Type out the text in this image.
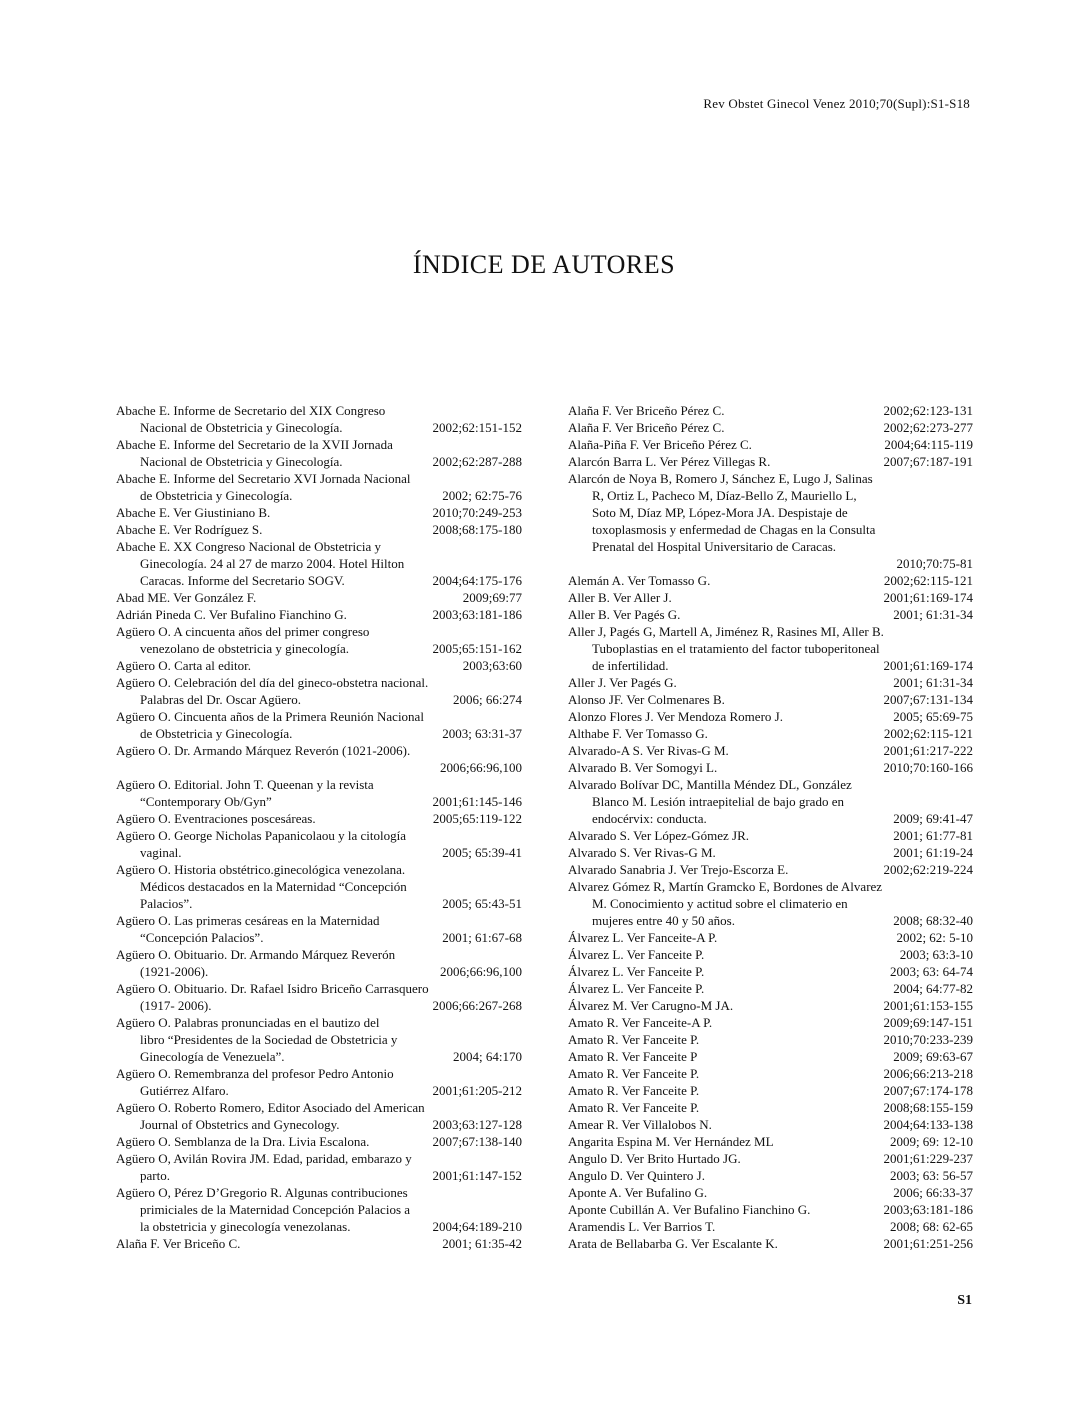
Rev Obstet Ginecol Venez 2010;70(Supl):S1-S18
ÍNDICE DE AUTORES
Abache E. Informe de Secretario del XIX Congreso
Nacional de Obstetricia y Ginecología.	2002;62:151-152
Abache E. Informe del Secretario de la XVII Jornada
Nacional de Obstetricia y Ginecología.	2002;62:287-288
Abache E. Informe del Secretario XVI Jornada Nacional
de Obstetricia y Ginecología.	2002; 62:75-76
Abache E. Ver Giustiniano B.	2010;70:249-253
Abache E. Ver Rodríguez S.	2008;68:175-180
Abache E. XX Congreso Nacional de Obstetricia y
Ginecología. 24 al 27 de marzo 2004. Hotel Hilton
Caracas. Informe del Secretario SOGV.	2004;64:175-176
Abad ME. Ver González F.	2009;69:77
Adrián Pineda C. Ver Bufalino Fianchino G.	2003;63:181-186
Agüero O. A cincuenta años del primer congreso
venezolano de obstetricia y ginecología.	2005;65:151-162
Agüero O. Carta al editor.	2003;63:60
Agüero O. Celebración del día del gineco-obstetra nacional.
Palabras del Dr. Oscar Agüero.	2006; 66:274
Agüero O. Cincuenta años de la Primera Reunión Nacional
de Obstetricia y Ginecología.	2003; 63:31-37
Agüero O. Dr. Armando Márquez Reverón (1021-2006).
2006;66:96,100
Agüero O. Editorial. John T. Queenan y la revista
“Contemporary Ob/Gyn”	2001;61:145-146
Agüero O. Eventraciones poscesáreas.	2005;65:119-122
Agüero O. George Nicholas Papanicolaou y la citología
vaginal.	2005; 65:39-41
Agüero O. Historia obstétrico.ginecológica venezolana.
Médicos destacados en la Maternidad “Concepción
Palacios”.	2005; 65:43-51
Agüero O. Las primeras cesáreas en la Maternidad
“Concepción Palacios”.	2001; 61:67-68
Agüero O. Obituario. Dr. Armando Márquez Reverón
(1921-2006).	2006;66:96,100
Agüero O. Obituario. Dr. Rafael Isidro Briceño Carrasquero
(1917- 2006).	2006;66:267-268
Agüero O. Palabras pronunciadas en el bautizo del
libro “Presidentes de la Sociedad de Obstetricia y
Ginecología de Venezuela”.	2004; 64:170
Agüero O. Remembranza del profesor Pedro Antonio
Gutiérrez Alfaro.	2001;61:205-212
Agüero O. Roberto Romero, Editor Asociado del American
Journal of Obstetrics and Gynecology.	2003;63:127-128
Agüero O. Semblanza de la Dra. Livia Escalona.	2007;67:138-140
Agüero O, Avilán Rovira JM. Edad, paridad, embarazo y
parto.	2001;61:147-152
Agüero O, Pérez D’Gregorio R. Algunas contribuciones
primiciales de la Maternidad Concepción Palacios a
la obstetricia y ginecología venezolanas.	2004;64:189-210
Alaña F. Ver Briceño C.	2001; 61:35-42
Alaña F. Ver Briceño Pérez C.	2002;62:123-131
Alaña F. Ver Briceño Pérez C.	2002;62:273-277
Alaña-Piña F. Ver Briceño Pérez C.	2004;64:115-119
Alarcón Barra L. Ver Pérez Villegas R.	2007;67:187-191
Alarcón de Noya B, Romero J, Sánchez E, Lugo J, Salinas
R, Ortiz L, Pacheco M, Díaz-Bello Z, Mauriello L,
Soto M, Díaz MP, López-Mora JA. Despistaje de
toxoplasmosis y enfermedad de Chagas en la Consulta
Prenatal del Hospital Universitario de Caracas.
2010;70:75-81
Alemán A. Ver Tomasso G.	2002;62:115-121
Aller B. Ver Aller J.	2001;61:169-174
Aller B. Ver Pagés G.	2001; 61:31-34
Aller J, Pagés G, Martell A, Jiménez R, Rasines MI, Aller B.
Tuboplastias en el tratamiento del factor tuboperitoneal
de infertilidad.	2001;61:169-174
Aller J. Ver Pagés G.	2001; 61:31-34
Alonso JF. Ver Colmenares B.	2007;67:131-134
Alonzo Flores J. Ver Mendoza Romero J.	2005; 65:69-75
Althabe F. Ver Tomasso G.	2002;62:115-121
Alvarado-A S. Ver Rivas-G M.	2001;61:217-222
Alvarado B. Ver Somogyi L.	2010;70:160-166
Alvarado Bolívar DC, Mantilla Méndez DL, González
Blanco M. Lesión intraepitelial de bajo grado en
endocérvix: conducta.	2009; 69:41-47
Alvarado S. Ver López-Gómez JR.	2001; 61:77-81
Alvarado S. Ver Rivas-G M.	2001; 61:19-24
Alvarado Sanabria J. Ver Trejo-Escorza E.	2002;62:219-224
Alvarez Gómez R, Martín Gramcko E, Bordones de Alvarez
M. Conocimiento y actitud sobre el climaterio en
mujeres entre 40 y 50 años.	2008; 68:32-40
Álvarez L. Ver Fanceite-A P.	2002; 62: 5-10
Álvarez L. Ver Fanceite P.	2003; 63:3-10
Álvarez L. Ver Fanceite P.	2003; 63: 64-74
Álvarez L. Ver Fanceite P.	2004; 64:77-82
Álvarez M. Ver Carugno-M JA.	2001;61:153-155
Amato R. Ver Fanceite-A P.	2009;69:147-151
Amato R. Ver Fanceite P.	2010;70:233-239
Amato R. Ver Fanceite P	2009; 69:63-67
Amato R. Ver Fanceite P.	2006;66:213-218
Amato R. Ver Fanceite P.	2007;67:174-178
Amato R. Ver Fanceite P.	2008;68:155-159
Amear R. Ver Villalobos N.	2004;64:133-138
Angarita Espina M. Ver Hernández ML	2009; 69: 12-10
Angulo D. Ver Brito Hurtado JG.	2001;61:229-237
Angulo D. Ver Quintero J.	2003; 63: 56-57
Aponte A. Ver Bufalino G.	2006; 66:33-37
Aponte Cubillán A. Ver Bufalino Fianchino G.	2003;63:181-186
Aramendis L. Ver Barrios T.	2008; 68: 62-65
Arata de Bellabarba G. Ver Escalante K.	2001;61:251-256
S1
